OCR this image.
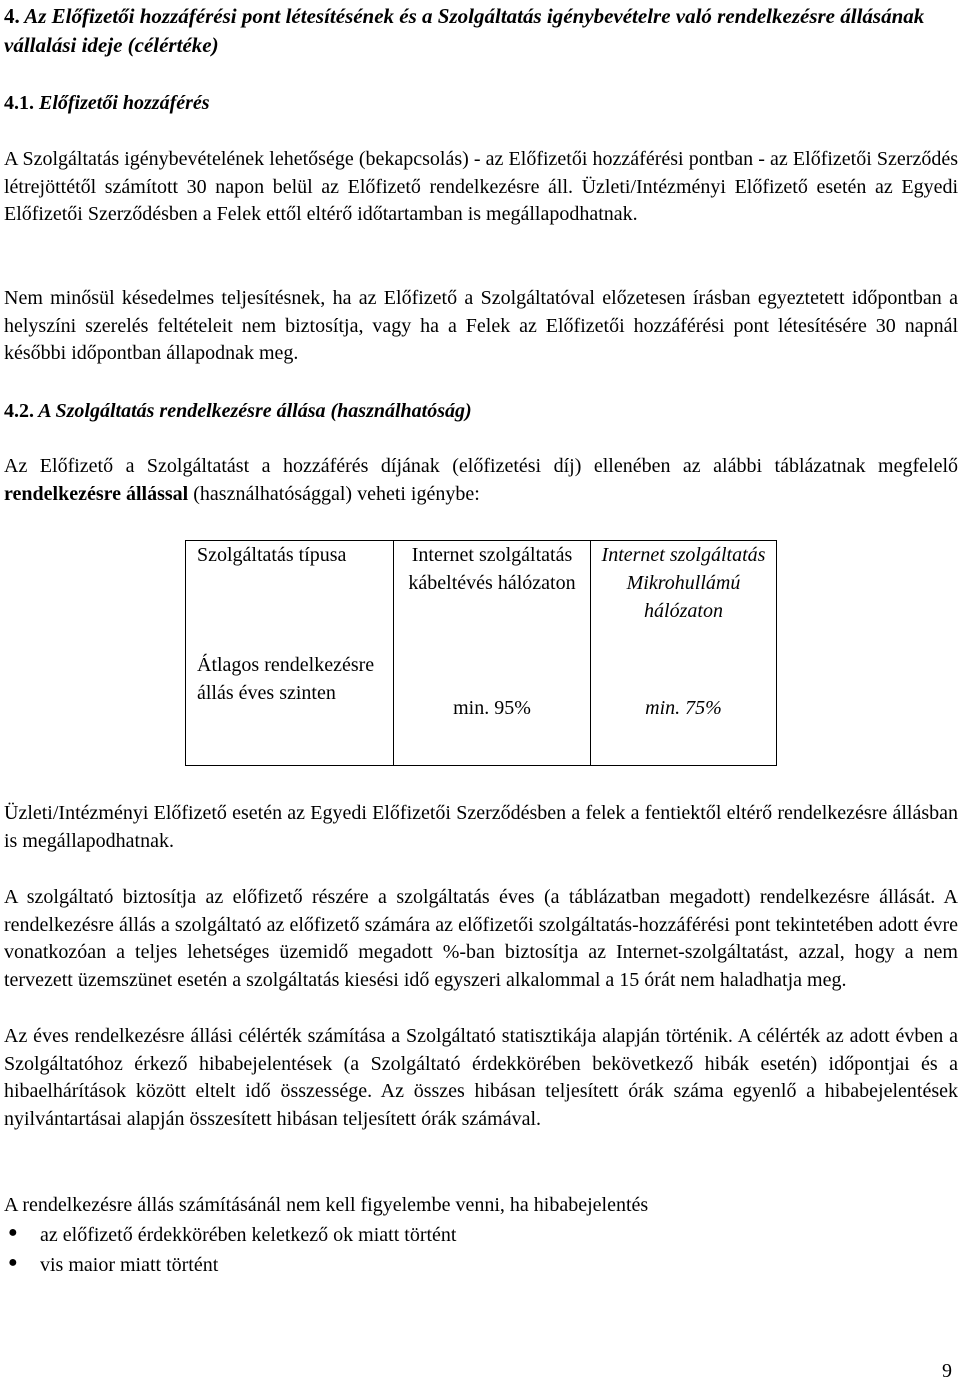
4. Az Előfizetői hozzáférési pont létesítésének és a Szolgáltatás igénybevételre való rendelkezésre állásának vállalási ideje (célértéke)
4.1. Előfizetői hozzáférés
A Szolgáltatás igénybevételének lehetősége (bekapcsolás) - az Előfizetői hozzáférési pontban - az Előfizetői Szerződés létrejöttétől számított 30 napon belül az Előfizető rendelkezésre áll. Üzleti/Intézményi Előfizető esetén az Egyedi Előfizetői Szerződésben a Felek ettől eltérő időtartamban is megállapodhatnak.
Nem minősül késedelmes teljesítésnek, ha az Előfizető a Szolgáltatóval előzetesen írásban egyeztetett időpontban a helyszíni szerelés feltételeit nem biztosítja, vagy ha a Felek az Előfizetői hozzáférési pont létesítésére 30 napnál későbbi időpontban állapodnak meg.
4.2. A Szolgáltatás rendelkezésre állása (használhatóság)
Az Előfizető a Szolgáltatást a hozzáférés díjának (előfizetési díj) ellenében az alábbi táblázatnak megfelelő rendelkezésre állással (használhatósággal) veheti igénybe:
Szolgáltatás típusa	Internet szolgáltatás kábeltévés hálózaton	Internet szolgáltatás Mikrohullámú hálózaton
Átlagos rendelkezésre állás éves szinten	min. 95%	min. 75%
Üzleti/Intézményi Előfizető esetén az Egyedi Előfizetői Szerződésben a felek a fentiektől eltérő rendelkezésre állásban is megállapodhatnak.
A szolgáltató biztosítja az előfizető részére a szolgáltatás éves (a táblázatban megadott) rendelkezésre állását. A rendelkezésre állás a szolgáltató az előfizető számára az előfizetői szolgáltatás-hozzáférési pont tekintetében adott évre vonatkozóan a teljes lehetséges üzemidő megadott %-ban biztosítja az Internet-szolgáltatást, azzal, hogy a nem tervezett üzemszünet esetén a szolgáltatás kiesési idő egyszeri alkalommal a 15 órát nem haladhatja meg.
Az éves rendelkezésre állási célérték számítása a Szolgáltató statisztikája alapján történik. A célérték az adott évben a Szolgáltatóhoz érkező hibabejelentések (a Szolgáltató érdekkörében bekövetkező hibák esetén) időpontjai és a hibaelhárítások között eltelt idő összessége. Az összes hibásan teljesített órák száma egyenlő a hibabejelentések nyilvántartásai alapján összesített hibásan teljesített órák számával.
A rendelkezésre állás számításánál nem kell figyelembe venni, ha hibabejelentés
● az előfizető érdekkörében keletkező ok miatt történt
● vis maior miatt történt
9
